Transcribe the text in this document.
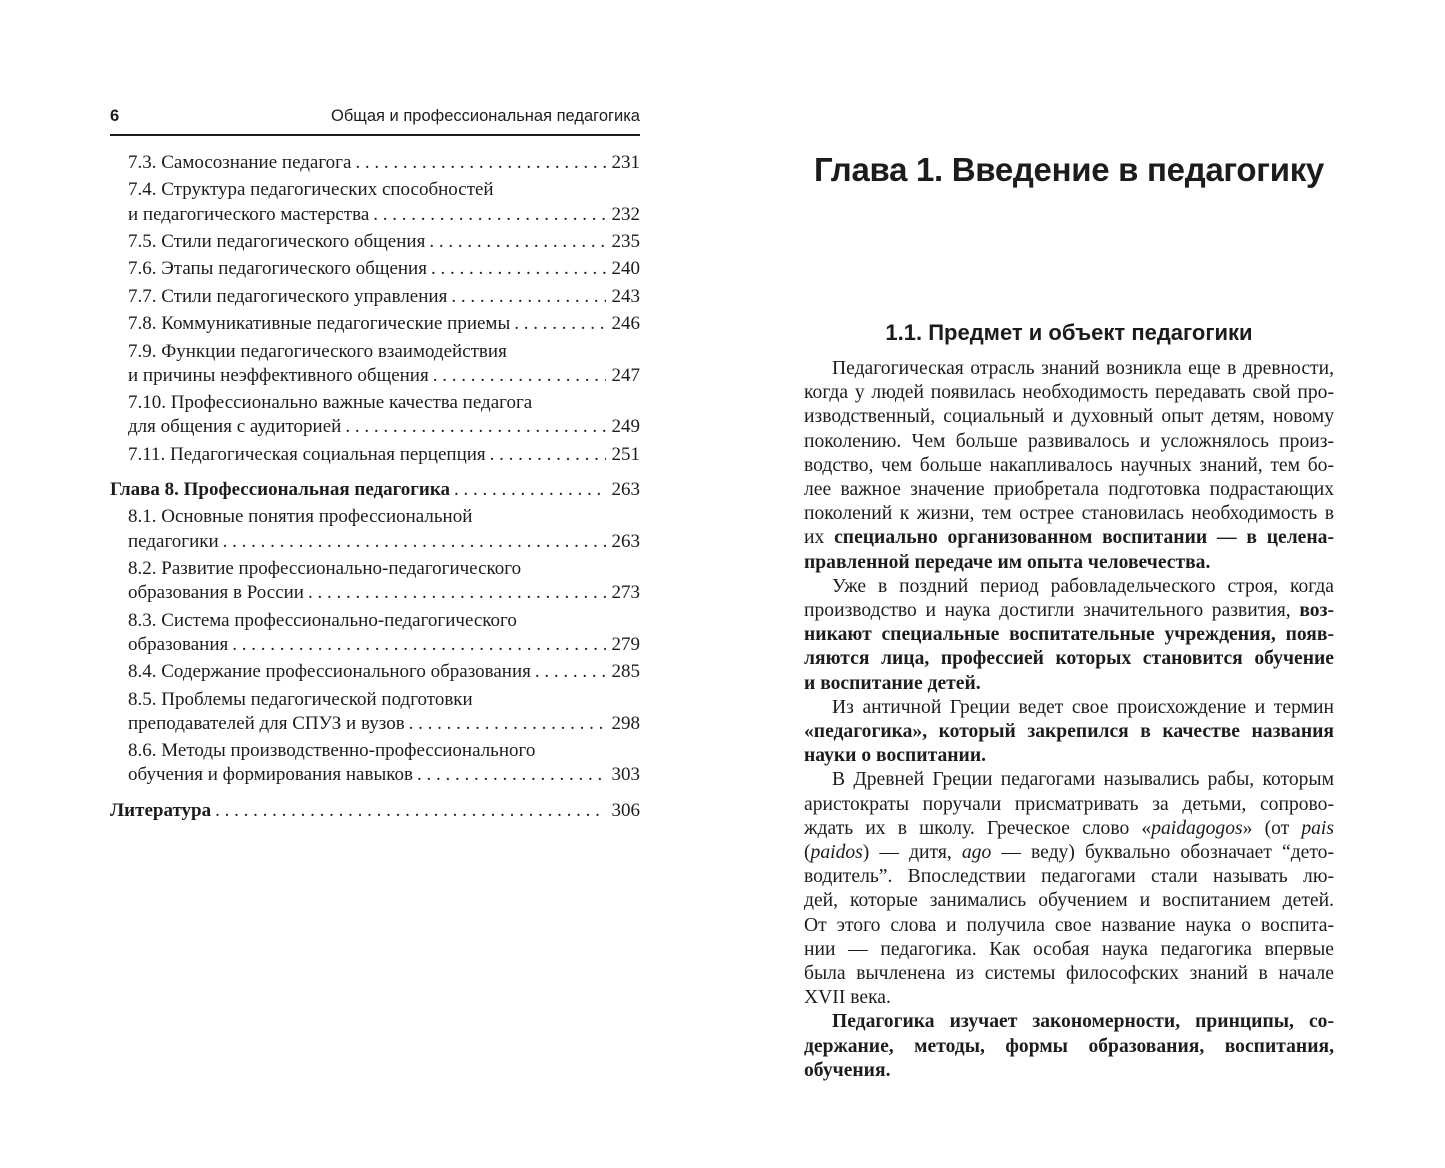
6	Общая и профессиональная педагогика
7.3. Самосознание педагога . . .	231
7.4. Структура педагогических способностей
и педагогического мастерства . . .	232
7.5. Стили педагогического общения . . .	235
7.6. Этапы педагогического общения . . .	240
7.7. Стили педагогического управления . . .	243
7.8. Коммуникативные педагогические приемы . . .	246
7.9. Функции педагогического взаимодействия
и причины неэффективного общения . . .	247
7.10. Профессионально важные качества педагога
для общения с аудиторией . . .	249
7.11. Педагогическая социальная перцепция . . .	251
Глава 8. Профессиональная педагогика . . .	263
8.1. Основные понятия профессиональной
педагогики . . .	263
8.2. Развитие профессионально-педагогического
образования в России . . .	273
8.3. Система профессионально-педагогического
образования . . .	279
8.4. Содержание профессионального образования . . .	285
8.5. Проблемы педагогической подготовки
преподавателей для СПУЗ и вузов . . .	298
8.6. Методы производственно-профессионального
обучения и формирования навыков . . .	303
Литература . . .	306
Глава 1. Введение в педагогику
1.1. Предмет и объект педагогики
Педагогическая отрасль знаний возникла еще в древности,
когда у людей появилась необходимость передавать свой про-
изводственный, социальный и духовный опыт детям, новому
поколению. Чем больше развивалось и усложнялось произ-
водство, чем больше накапливалось научных знаний, тем бо-
лее важное значение приобретала подготовка подрастающих
поколений к жизни, тем острее становилась необходимость в
их специально организованном воспитании — в целена-
правленной передаче им опыта человечества.
Уже в поздний период рабовладельческого строя, когда
производство и наука достигли значительного развития, воз-
никают специальные воспитательные учреждения, появ-
ляются лица, профессией которых становится обучение
и воспитание детей.
Из античной Греции ведет свое происхождение и термин
«педагогика», который закрепился в качестве названия
науки о воспитании.
В Древней Греции педагогами назывались рабы, которым
аристократы поручали присматривать за детьми, сопрово-
ждать их в школу. Греческое слово «paidagogos» (от pais
(paidos) — дитя, ago — веду) буквально обозначает “дето-
водитель”. Впоследствии педагогами стали называть лю-
дей, которые занимались обучением и воспитанием детей.
От этого слова и получила свое название наука о воспита-
нии — педагогика. Как особая наука педагогика впервые
была вычленена из системы философских знаний в начале
XVII века.
Педагогика изучает закономерности, принципы, со-
держание, методы, формы образования, воспитания,
обучения.
